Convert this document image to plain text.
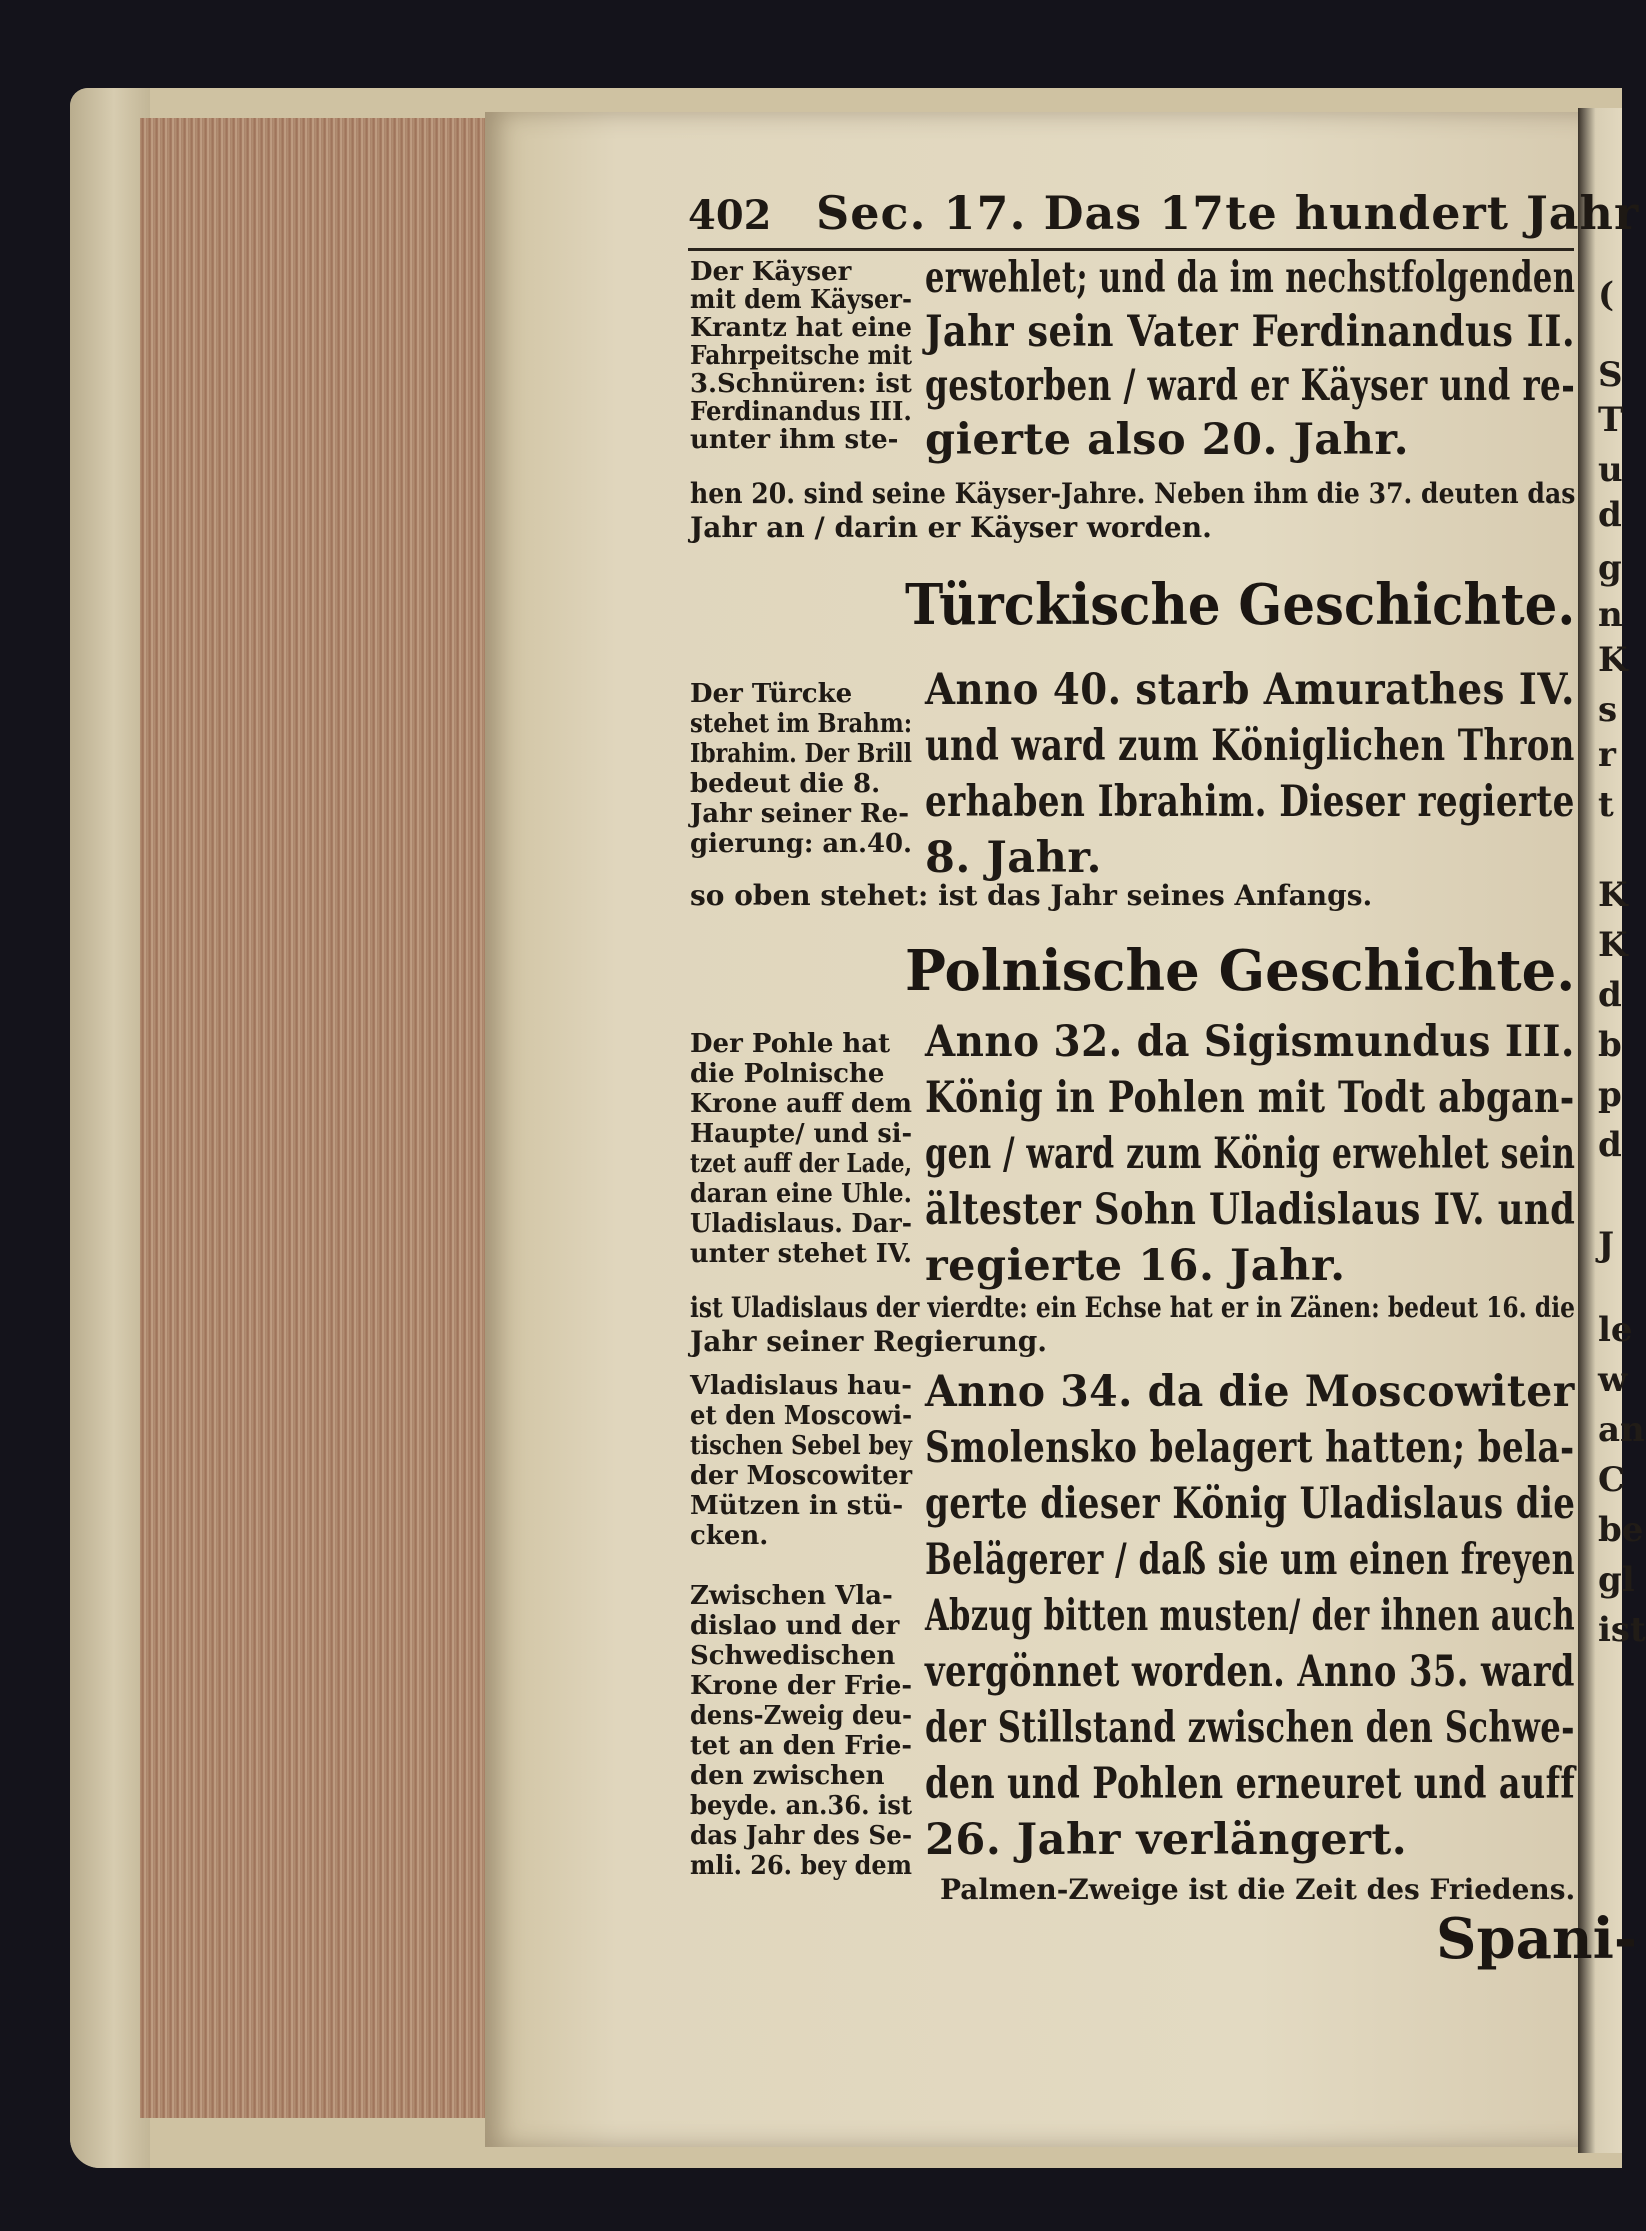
(
S
T
u
d
g
n
K
s
r
t
K
K
d
b
p
d
J
le
w
an
C
be
gl
ist
402 Sec. 17. Das 17te hundert Jahr
Der Käyser
mit dem Käyser-
Krantz hat eine
Fahrpeitsche mit
3.Schnüren: ist
Ferdinandus III.
unter ihm ste-
erwehlet; und da im nechstfolgenden
Jahr sein Vater Ferdinandus II.
gestorben / ward er Käyser und re-
gierte also 20. Jahr.
hen 20. sind seine Käyser-Jahre. Neben ihm die 37. deuten das
Jahr an / darin er Käyser worden.
Türckische Geschichte.
Der Türcke
stehet im Brahm:
Ibrahim. Der Brill
bedeut die 8.
Jahr seiner Re-
gierung: an.40.
Anno 40. starb Amurathes IV.
und ward zum Königlichen Thron
erhaben Ibrahim. Dieser regierte
8. Jahr.
so oben stehet: ist das Jahr seines Anfangs.
Polnische Geschichte.
Der Pohle hat
die Polnische
Krone auff dem
Haupte/ und si-
tzet auff der Lade,
daran eine Uhle.
Uladislaus. Dar-
unter stehet IV.
Anno 32. da Sigismundus III.
König in Pohlen mit Todt abgan-
gen / ward zum König erwehlet sein
ältester Sohn Uladislaus IV. und
regierte 16. Jahr.
ist Uladislaus der vierdte: ein Echse hat er in Zänen: bedeut 16. die
Jahr seiner Regierung.
Vladislaus hau-
et den Moscowi-
tischen Sebel bey
der Moscowiter
Mützen in stü-
cken.
Zwischen Vla-
dislao und der
Schwedischen
Krone der Frie-
dens-Zweig deu-
tet an den Frie-
den zwischen
beyde. an.36. ist
das Jahr des Se-
mli. 26. bey dem
Anno 34. da die Moscowiter
Smolensko belagert hatten; bela-
gerte dieser König Uladislaus die
Belägerer / daß sie um einen freyen
Abzug bitten musten/ der ihnen auch
vergönnet worden. Anno 35. ward
der Stillstand zwischen den Schwe-
den und Pohlen erneuret und auff
26. Jahr verlängert.
Palmen-Zweige ist die Zeit des Friedens.
Spani-
